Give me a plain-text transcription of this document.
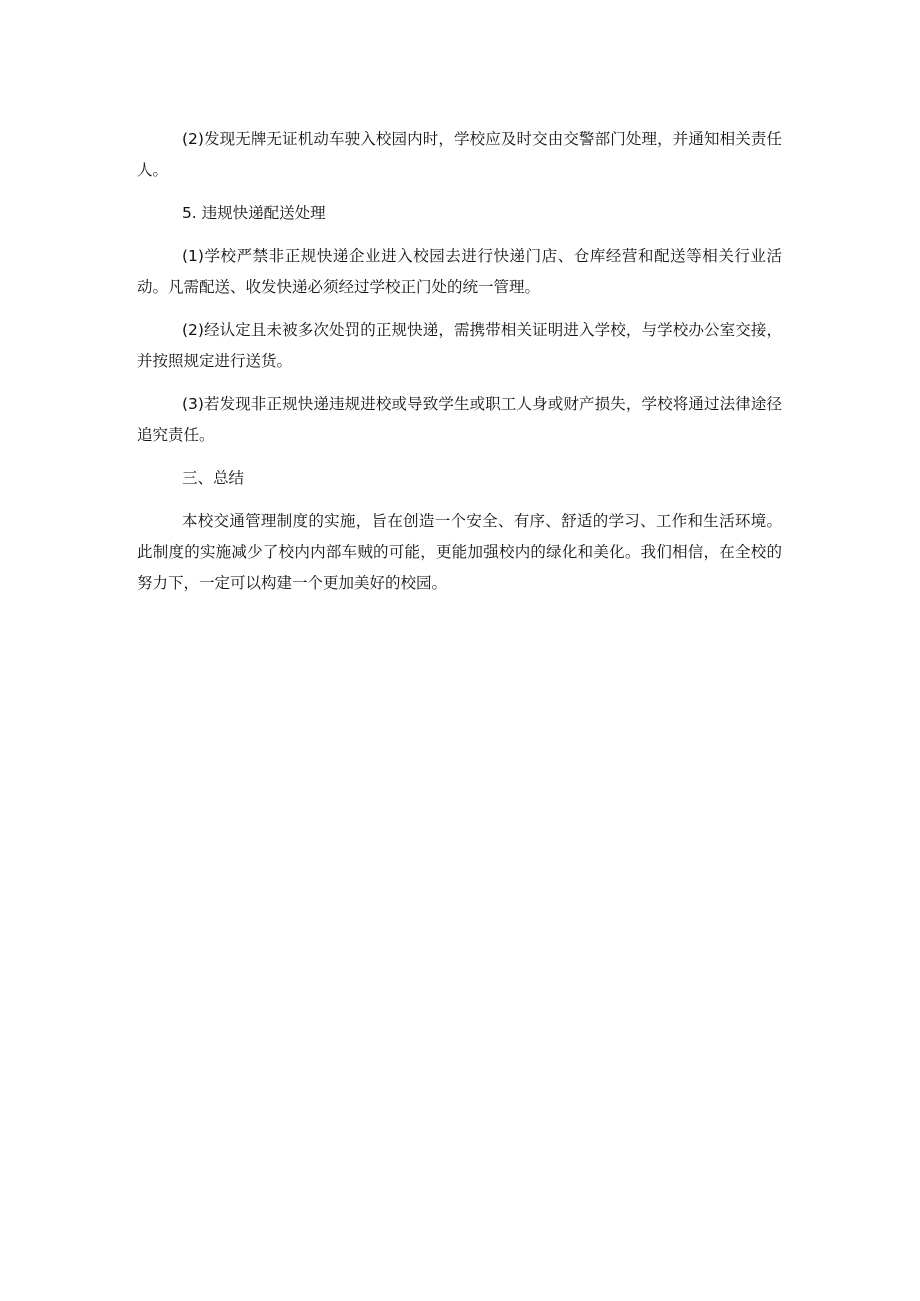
(2)发现无牌无证机动车驶入校园内时，学校应及时交由交警部门处理，并通知相关责任人。

5. 违规快递配送处理

(1)学校严禁非正规快递企业进入校园去进行快递门店、仓库经营和配送等相关行业活动。凡需配送、收发快递必须经过学校正门处的统一管理。

(2)经认定且未被多次处罚的正规快递，需携带相关证明进入学校，与学校办公室交接，并按照规定进行送货。

(3)若发现非正规快递违规进校或导致学生或职工人身或财产损失，学校将通过法律途径追究责任。

三、总结

本校交通管理制度的实施，旨在创造一个安全、有序、舒适的学习、工作和生活环境。此制度的实施减少了校内内部车贼的可能，更能加强校内的绿化和美化。我们相信，在全校的努力下，一定可以构建一个更加美好的校园。
